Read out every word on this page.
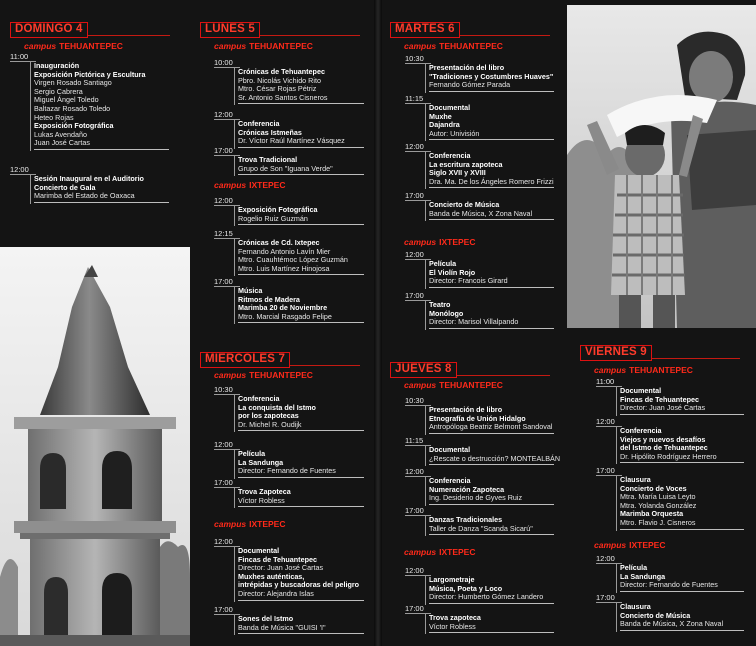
DOMINGO 4
campus TEHUANTEPEC
11:00
Inauguración
Exposición Pictórica y Escultura
Virgen Rosado Santiago
Sergio Cabrera
Miguel Ángel Toledo
Baltazar Rosado Toledo
Heteo Rojas
Exposición Fotográfica
Lukas Avendaño
Juan José Cartas
12:00
Sesión Inaugural en el Auditorio
Concierto de Gala
Marimba del Estado de Oaxaca
LUNES 5
campus TEHUANTEPEC
10:00
Crónicas de Tehuantepec
Pbro. Nicolás Vichido Rito
Mtro. César Rojas Pétriz
Sr. Antonio Santos Cisneros
12:00
Conferencia
Crónicas Istmeñas
Dr. Víctor Raúl Martínez Vásquez
17:00
Trova Tradicional
Grupo de Son "Iguana Verde"
campus IXTEPEC
12:00
Exposición Fotográfica
Rogelio Ruiz Guzmán
12:15
Crónicas de Cd. Ixtepec
Fernando Antonio Lavín Mier
Mtro. Cuauhtémoc López Guzmán
Mtro. Luis Martínez Hinojosa
17:00
Música
Ritmos de Madera
Marimba 20 de Noviembre
Mtro. Marcial Rasgado Felipe
MIERCOLES 7
campus TEHUANTEPEC
10:30
Conferencia
La conquista del Istmo
por los zapotecas
Dr. Michel R. Oudijk
12:00
Película
La Sandunga
Director: Fernando de Fuentes
17:00
Trova Zapoteca
Víctor Robless
campus IXTEPEC
12:00
Documental
Fincas de Tehuantepec
Director: Juan José Cartas
Muxhes auténticas,
intrépidas y buscadoras del peligro
Director: Alejandra Islas
17:00
Sones del Istmo
Banda de Música "GUISI 'I"
MARTES 6
campus TEHUANTEPEC
10:30
Presentación del libro
"Tradiciones y Costumbres Huaves"
Fernando Gómez Parada
11:15
Documental
Muxhe
Dajandra
Autor: Univisión
12:00
Conferencia
La escritura zapoteca
Siglo XVII y XVIII
Dra. Ma. De los Ángeles Romero Frizzi
17:00
Concierto de Música
Banda de Música, X Zona Naval
campus IXTEPEC
12:00
Película
El Violín Rojo
Director: Francois Girard
17:00
Teatro
Monólogo
Director: Marisol Villalpando
JUEVES 8
campus TEHUANTEPEC
10:30
Presentación de libro
Etnografía de Unión Hidalgo
Antropóloga Beatriz Belmont Sandoval
11:15
Documental
¿Rescate o destrucción? MONTEALBÁN
12:00
Conferencia
Numeración Zapoteca
Ing. Desiderio de Gyves Ruiz
17:00
Danzas Tradicionales
Taller de Danza "Scanda Sicarú"
campus IXTEPEC
12:00
Largometraje
Música, Poeta y Loco
Director: Humberto Gómez Landero
17:00
Trova zapoteca
Víctor Robless
VIERNES 9
campus TEHUANTEPEC
11:00
Documental
Fincas de Tehuantepec
Director: Juan José Cartas
12:00
Conferencia
Viejos y nuevos desafíos
del Istmo de Tehuantepec
Dr. Hipólito Rodríguez Herrero
17:00
Clausura
Concierto de Voces
Mtra. María Luisa Leyto
Mtra. Yolanda González
Marimba Orquesta
Mtro. Flavio J. Cisneros
campus IXTEPEC
12:00
Película
La Sandunga
Director: Fernando de Fuentes
17:00
Clausura
Concierto de Música
Banda de Música, X Zona Naval
